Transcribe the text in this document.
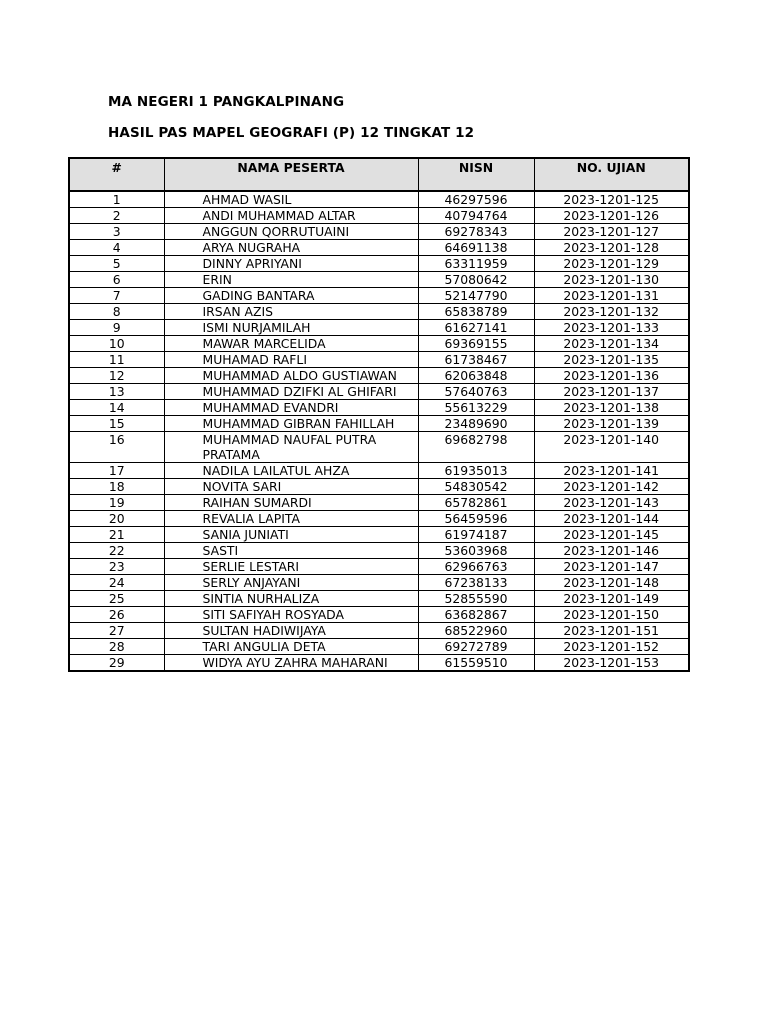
MA NEGERI 1 PANGKALPINANG
HASIL PAS MAPEL GEOGRAFI (P) 12 TINGKAT 12
#	NAMA PESERTA	NISN	NO. UJIAN
1	AHMAD WASIL	46297596	2023-1201-125
2	ANDI MUHAMMAD ALTAR	40794764	2023-1201-126
3	ANGGUN QORRUTUAINI	69278343	2023-1201-127
4	ARYA NUGRAHA	64691138	2023-1201-128
5	DINNY APRIYANI	63311959	2023-1201-129
6	ERIN	57080642	2023-1201-130
7	GADING BANTARA	52147790	2023-1201-131
8	IRSAN AZIS	65838789	2023-1201-132
9	ISMI NURJAMILAH	61627141	2023-1201-133
10	MAWAR MARCELIDA	69369155	2023-1201-134
11	MUHAMAD RAFLI	61738467	2023-1201-135
12	MUHAMMAD ALDO GUSTIAWAN	62063848	2023-1201-136
13	MUHAMMAD DZIFKI AL GHIFARI	57640763	2023-1201-137
14	MUHAMMAD EVANDRI	55613229	2023-1201-138
15	MUHAMMAD GIBRAN FAHILLAH	23489690	2023-1201-139
16	MUHAMMAD NAUFAL PUTRA PRATAMA	69682798	2023-1201-140
17	NADILA LAILATUL AHZA	61935013	2023-1201-141
18	NOVITA SARI	54830542	2023-1201-142
19	RAIHAN SUMARDI	65782861	2023-1201-143
20	REVALIA LAPITA	56459596	2023-1201-144
21	SANIA JUNIATI	61974187	2023-1201-145
22	SASTI	53603968	2023-1201-146
23	SERLIE LESTARI	62966763	2023-1201-147
24	SERLY ANJAYANI	67238133	2023-1201-148
25	SINTIA NURHALIZA	52855590	2023-1201-149
26	SITI SAFIYAH ROSYADA	63682867	2023-1201-150
27	SULTAN HADIWIJAYA	68522960	2023-1201-151
28	TARI ANGULIA DETA	69272789	2023-1201-152
29	WIDYA AYU ZAHRA MAHARANI	61559510	2023-1201-153
